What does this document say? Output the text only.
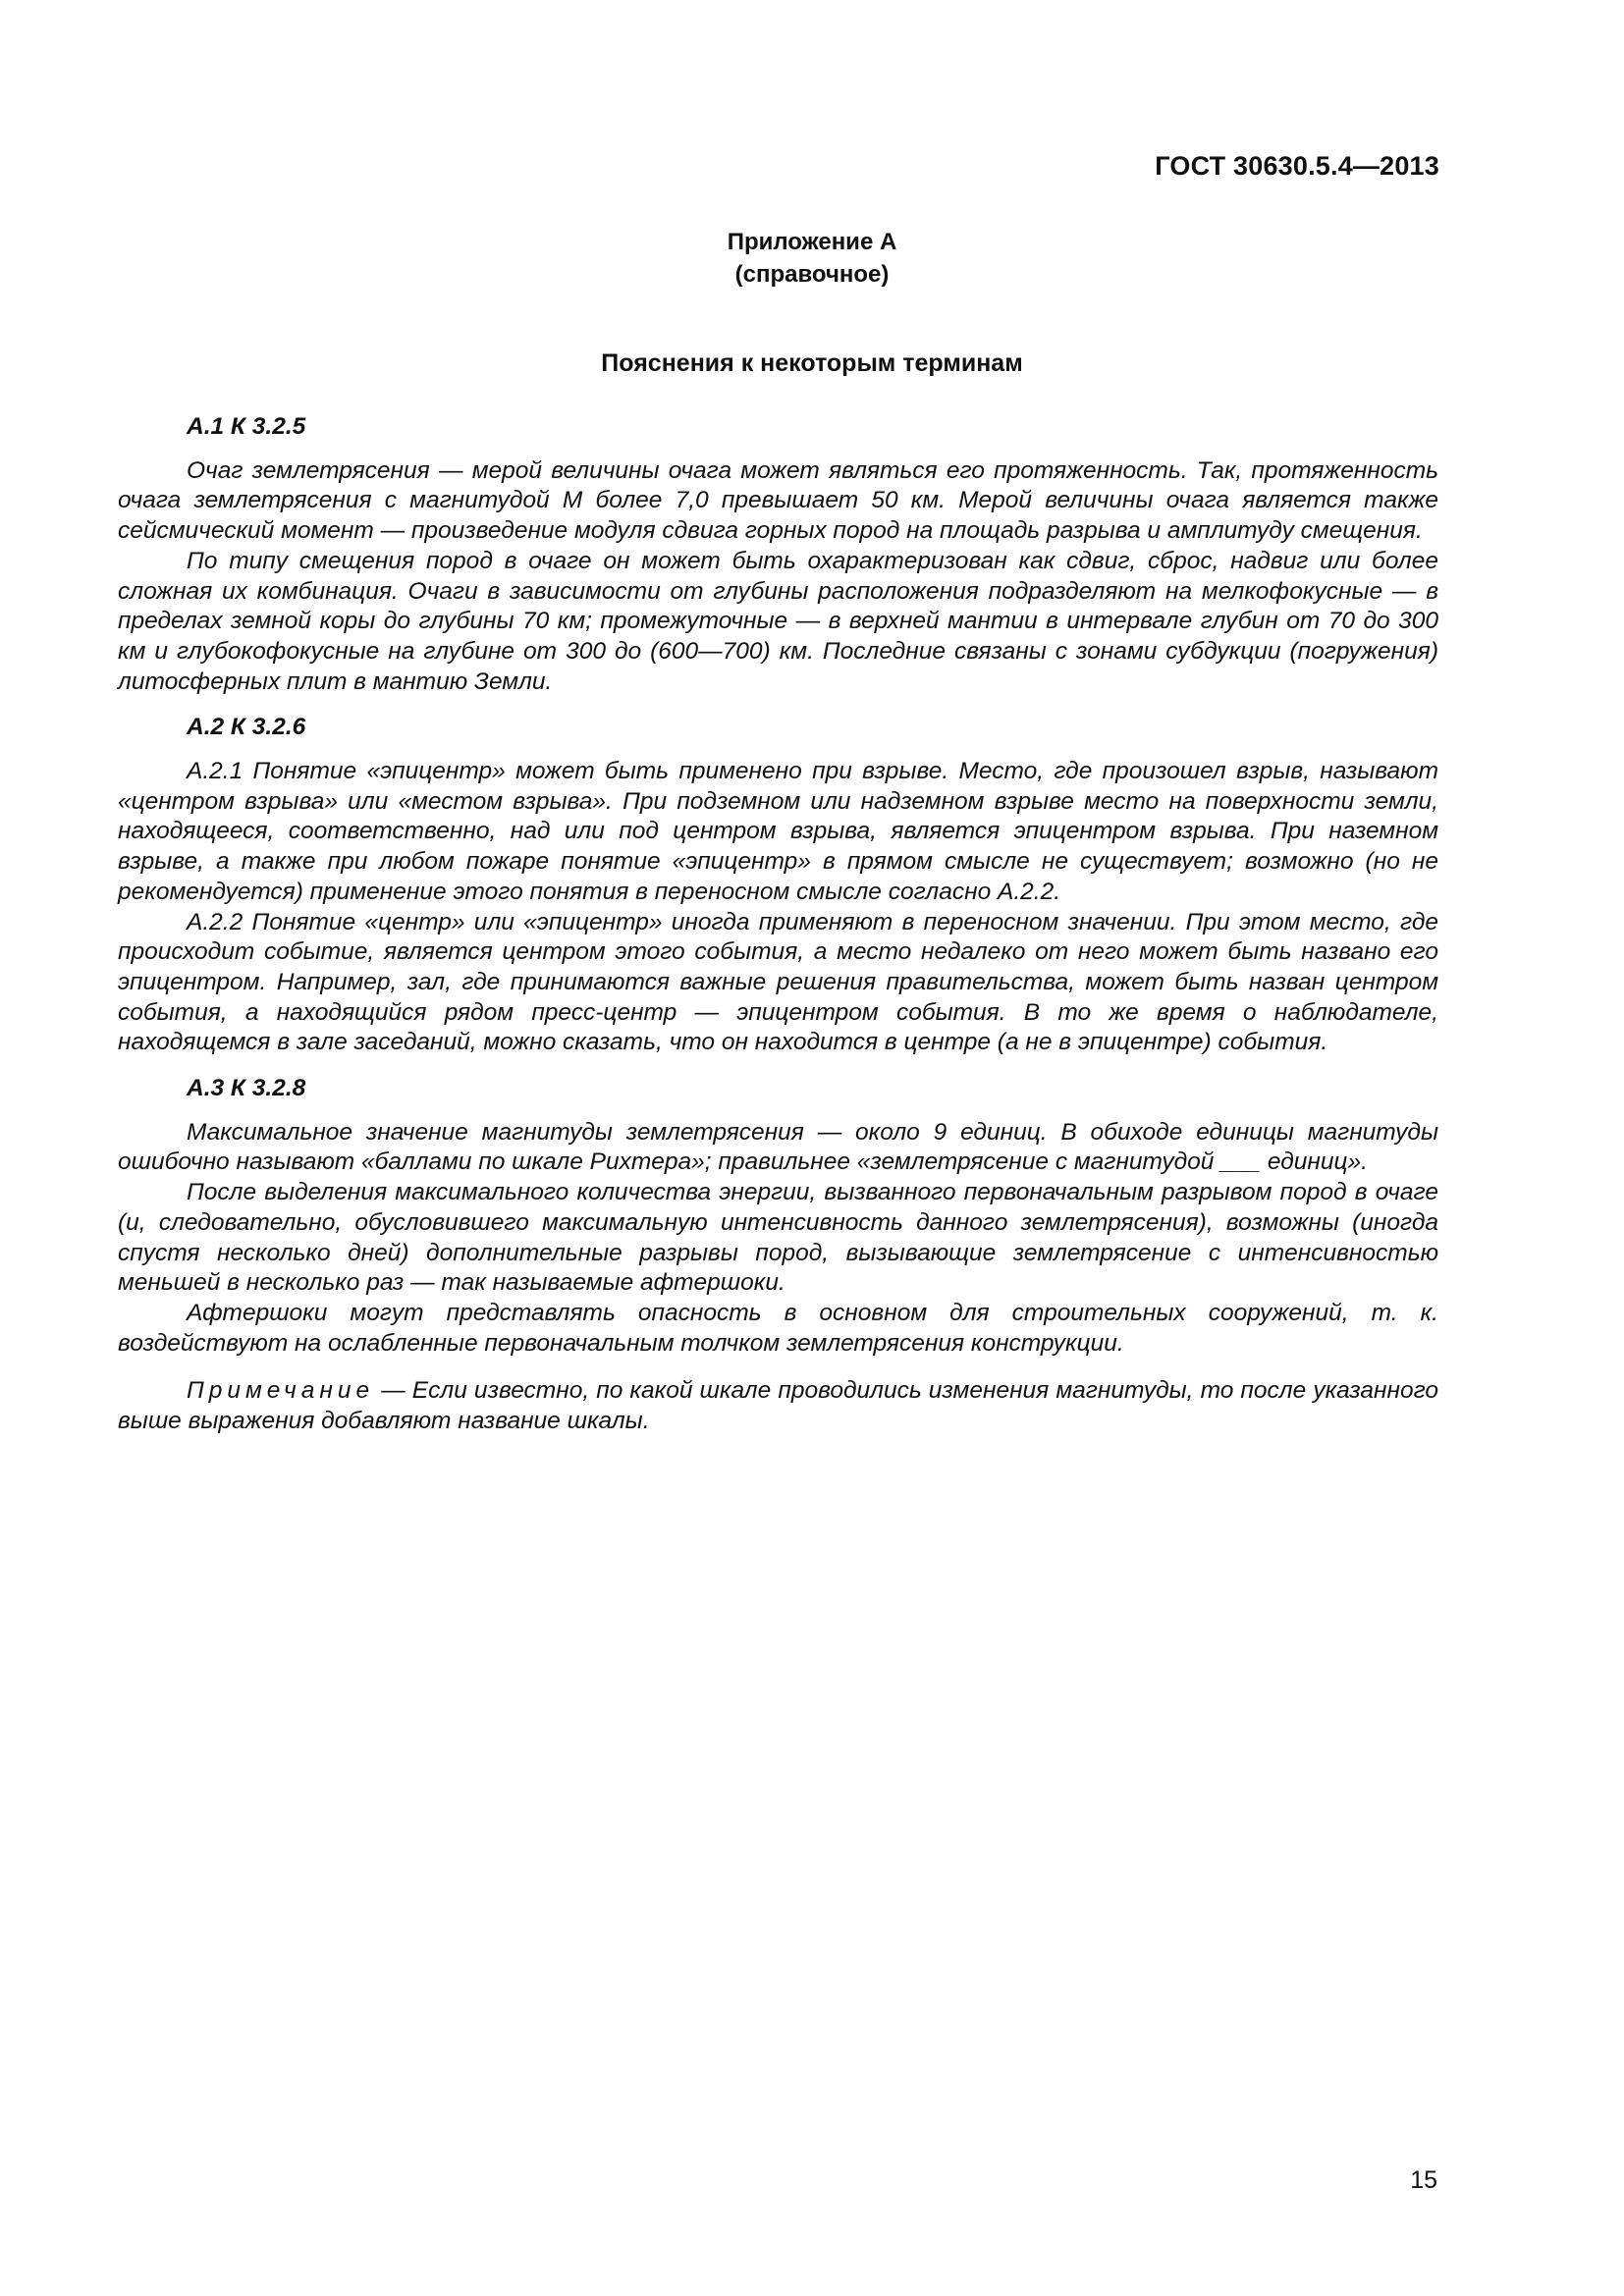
ГОСТ 30630.5.4—2013
Приложение А
(справочное)
Пояснения к некоторым терминам
А.1 К 3.2.5

Очаг землетрясения — мерой величины очага может являться его протяженность. Так, протяженность очага землетрясения с магнитудой М более 7,0 превышает 50 км. Мерой величины очага является также сейсмический момент — произведение модуля сдвига горных пород на площадь разрыва и амплитуду смещения.

По типу смещения пород в очаге он может быть охарактеризован как сдвиг, сброс, надвиг или более сложная их комбинация. Очаги в зависимости от глубины расположения подразделяют на мелкофокусные — в пределах земной коры до глубины 70 км; промежуточные — в верхней мантии в интервале глубин от 70 до 300 км и глубокофокусные на глубине от 300 до (600—700) км. Последние связаны с зонами субдукции (погружения) литосферных плит в мантию Земли.

А.2 К 3.2.6

А.2.1 Понятие «эпицентр» может быть применено при взрыве. Место, где произошел взрыв, называют «центром взрыва» или «местом взрыва». При подземном или надземном взрыве место на поверхности земли, находящееся, соответственно, над или под центром взрыва, является эпицентром взрыва. При наземном взрыве, а также при любом пожаре понятие «эпицентр» в прямом смысле не существует; возможно (но не рекомендуется) применение этого понятия в переносном смысле согласно А.2.2.

А.2.2 Понятие «центр» или «эпицентр» иногда применяют в переносном значении. При этом место, где происходит событие, является центром этого события, а место недалеко от него может быть названо его эпицентром. Например, зал, где принимаются важные решения правительства, может быть назван центром события, а находящийся рядом пресс-центр — эпицентром события. В то же время о наблюдателе, находящемся в зале заседаний, можно сказать, что он находится в центре (а не в эпицентре) события.

А.3 К 3.2.8

Максимальное значение магнитуды землетрясения — около 9 единиц. В обиходе единицы магнитуды ошибочно называют «баллами по шкале Рихтера»; правильнее «землетрясение с магнитудой ___ единиц».

После выделения максимального количества энергии, вызванного первоначальным разрывом пород в очаге (и, следовательно, обусловившего максимальную интенсивность данного землетрясения), возможны (иногда спустя несколько дней) дополнительные разрывы пород, вызывающие землетрясение с интенсивностью меньшей в несколько раз — так называемые афтершоки.

Афтершоки могут представлять опасность в основном для строительных сооружений, т. к. воздействуют на ослабленные первоначальным толчком землетрясения конструкции.

Примечание — Если известно, по какой шкале проводились изменения магнитуды, то после указанного выше выражения добавляют название шкалы.

15
